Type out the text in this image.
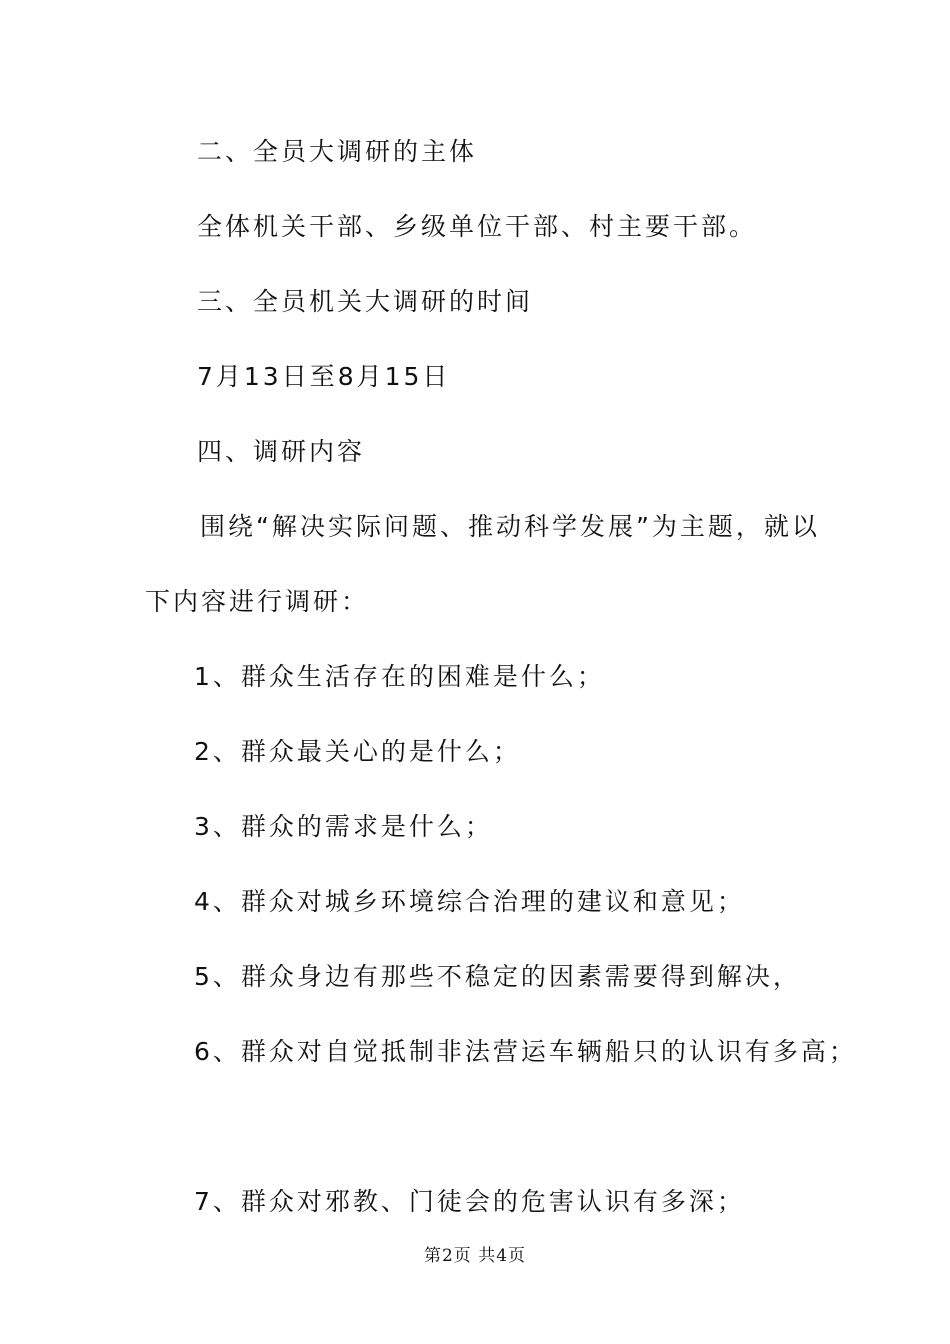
二、全员大调研的主体
全体机关干部、乡级单位干部、村主要干部。
三、全员机关大调研的时间
7月13日至8月15日
四、调研内容
围绕“解决实际问题、推动科学发展”为主题，就以
下内容进行调研：
1、群众生活存在的困难是什么；
2、群众最关心的是什么；
3、群众的需求是什么；
4、群众对城乡环境综合治理的建议和意见；
5、群众身边有那些不稳定的因素需要得到解决，
6、群众对自觉抵制非法营运车辆船只的认识有多高；
7、群众对邪教、门徒会的危害认识有多深；
第2页 共4页
